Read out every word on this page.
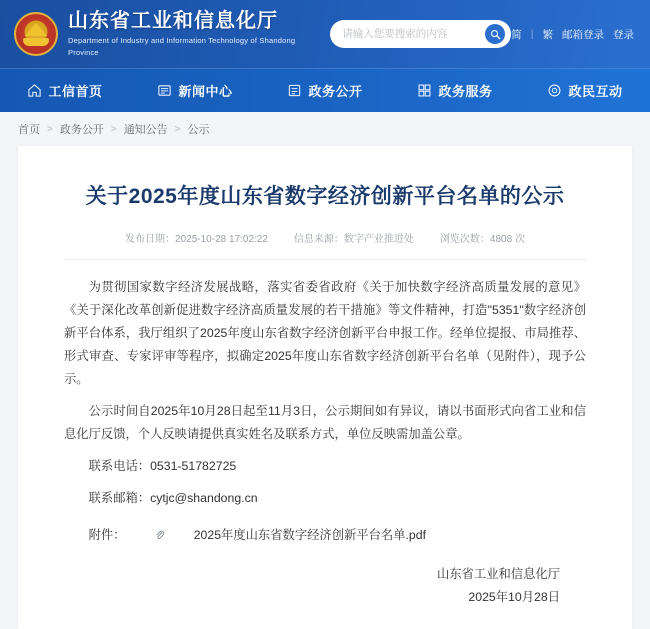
山东省工业和信息化厅
Department of Industry and Information Technology of Shandong Province
请输入您要搜索的内容
简 | 繁 邮箱登录 登录
工信首页	新闻中心	政务公开	政务服务	政民互动
首页 > 政务公开 > 通知公告 > 公示
关于2025年度山东省数字经济创新平台名单的公示
发布日期：2025-10-28 17:02:22	信息来源：数字产业推进处	浏览次数：4808 次

为贯彻国家数字经济发展战略，落实省委省政府《关于加快数字经济高质量发展的意见》《关于深化改革创新促进数字经济高质量发展的若干措施》等文件精神，打造"5351"数字经济创新平台体系，我厅组织了2025年度山东省数字经济创新平台申报工作。经单位提报、市局推荐、形式审查、专家评审等程序，拟确定2025年度山东省数字经济创新平台名单（见附件），现予公示。

公示时间自2025年10月28日起至11月3日，公示期间如有异议，请以书面形式向省工业和信息化厅反馈，个人反映请提供真实姓名及联系方式，单位反映需加盖公章。

联系电话：0531-51782725

联系邮箱：cytjc@shandong.cn

附件：	2025年度山东省数字经济创新平台名单.pdf
山东省工业和信息化厅
2025年10月28日
